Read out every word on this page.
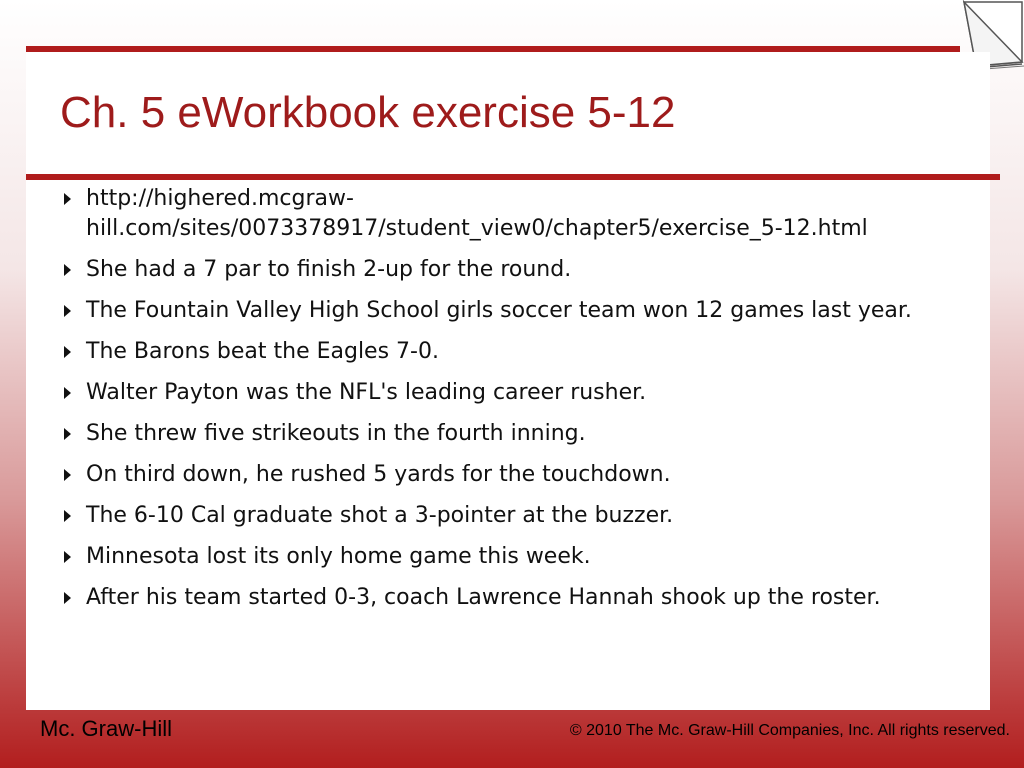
Ch. 5 eWorkbook exercise 5-12
http://highered.mcgraw-hill.com/sites/0073378917/student_view0/chapter5/exercise_5-12.html
She had a 7 par to finish 2-up for the round.
The Fountain Valley High School girls soccer team won 12 games last year.
The Barons beat the Eagles 7-0.
Walter Payton was the NFL's leading career rusher.
She threw five strikeouts in the fourth inning.
On third down, he rushed 5 yards for the touchdown.
The 6-10 Cal graduate shot a 3-pointer at the buzzer.
Minnesota lost its only home game this week.
After his team started 0-3, coach Lawrence Hannah shook up the roster.
Mc. Graw-Hill	© 2010 The Mc. Graw-Hill Companies, Inc. All rights reserved.
